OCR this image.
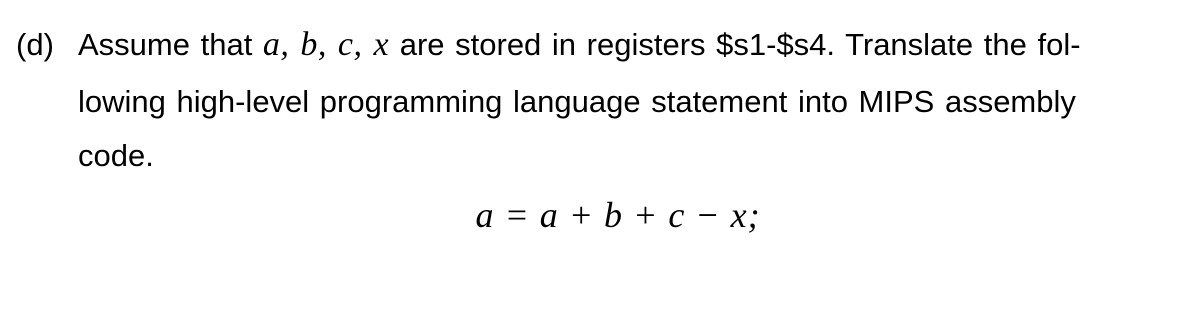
(d) Assume that a, b, c, x are stored in registers $s1-$s4. Translate the fol-
lowing high-level programming language statement into MIPS assembly
code.
a = a + b + c − x;
